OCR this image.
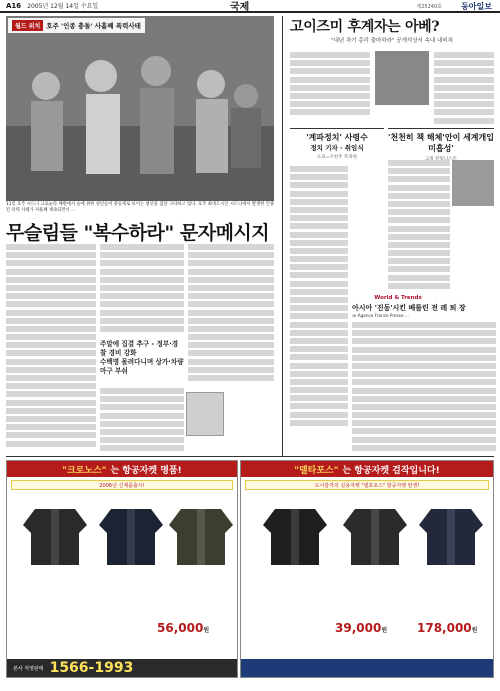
A16 2005년 12월 14일 수요일	국제	제25240호 동아일보
월드 위치 호주 '인종 충돌' 사흘째 폭력사태
11일 호주 시드니 크로눌라 해변에서 술에 취한 청년들이 중동계로 보이는 청년을 집단 구타하고 있다. 호주 최대도시인 시드니에서 발생한 인종간 폭력 사태가 사흘째 계속되면서 ...
무슬림들 "복수하라" 문자메시지
주말에 집결 추구 - 정부·경찰 경비 강화
수백명 몰려다니며 상가·차량 마구 부숴
고이즈미 후계자는 아베?
"내년 차기 총리 출마하라" 공개석상서 속내 내비쳐
'계파정치' 사령수
정치 기자 · 취임식
도쿄=조헌주 특파원
'천천히 책 해체'안이 세계개입 미흡성'
World & Trends
아시아 '진동'시킨 베를린 전 레 퇴 장
≫ Agence France Presse ...
"크로노스" 는 항공자켓 명품!
2006년 신제품출시!
56,000원
본사 직영판매 1566-1993
"델타포스" 는 항공자켓 걸작입니다!
도시감각의 실용자켓 "델포포스" 항공자켓 탄생!
39,000원 178,000원
